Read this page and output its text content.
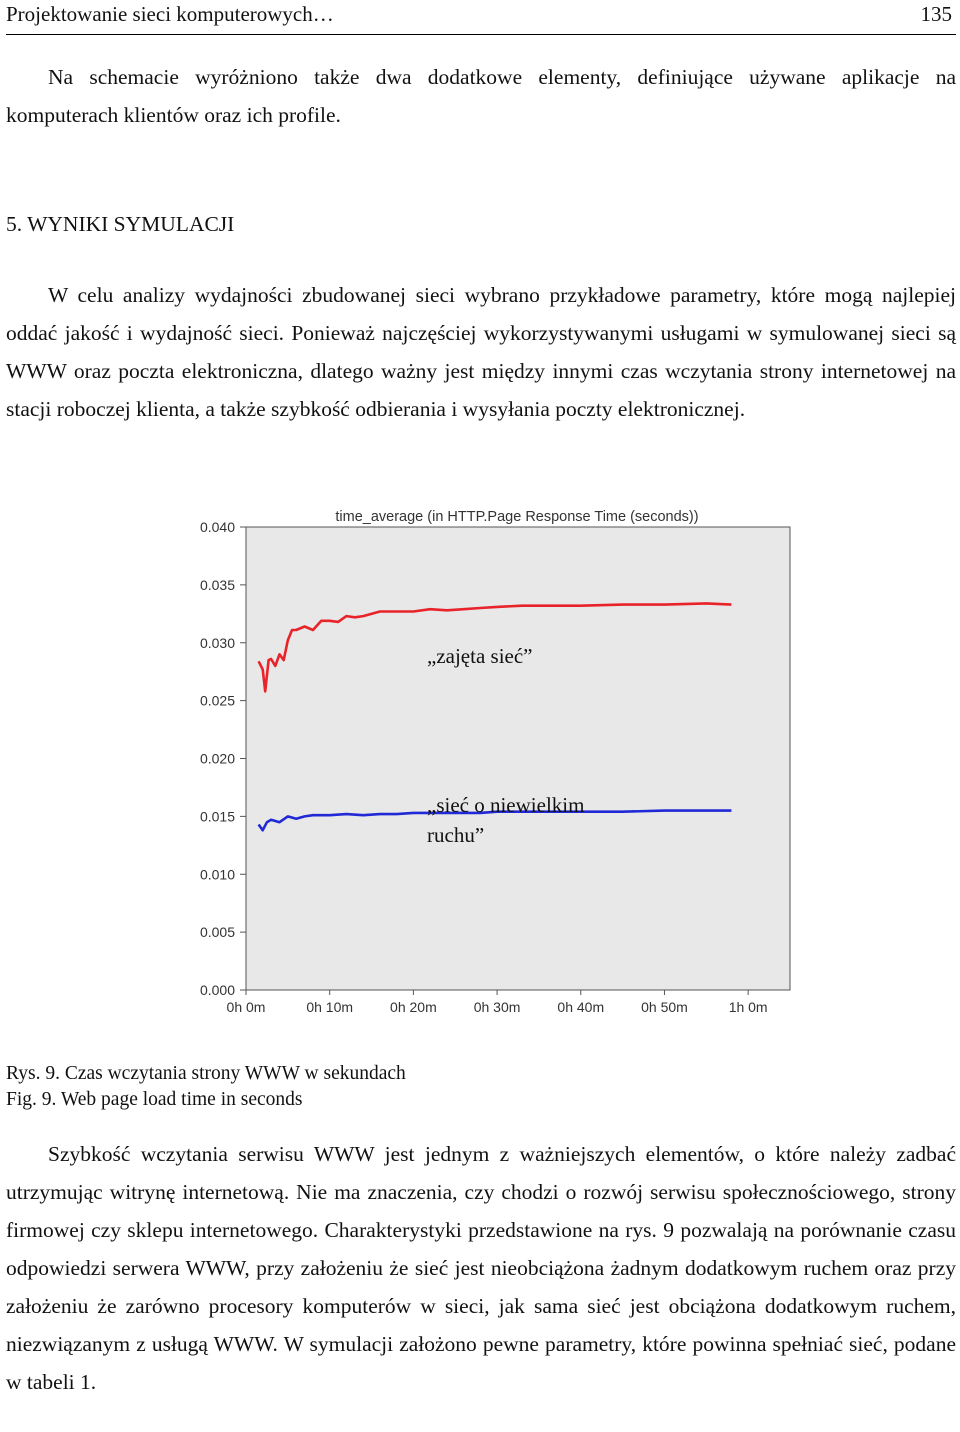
Projektowanie sieci komputerowych…	135

Na schemacie wyróżniono także dwa dodatkowe elementy, definiujące używane aplikacje na komputerach klientów oraz ich profile.

5. WYNIKI SYMULACJI

W celu analizy wydajności zbudowanej sieci wybrano przykładowe parametry, które mogą najlepiej oddać jakość i wydajność sieci. Ponieważ najczęściej wykorzystywanymi usługami w symulowanej sieci są WWW oraz poczta elektroniczna, dlatego ważny jest między innymi czas wczytania strony internetowej na stacji roboczej klienta, a także szybkość odbierania i wysyłania poczty elektronicznej.

time_average (in HTTP.Page Response Time (seconds))
0.040
0.035
0.030
0.025
0.020
0.015
0.010
0.005
0.000
0h 0m	0h 10m	0h 20m	0h 30m	0h 40m	0h 50m	1h 0m
„zajęta sieć”
„sieć o niewielkim ruchu”
Rys. 9. Czas wczytania strony WWW w sekundach
Fig. 9. Web page load time in seconds

Szybkość wczytania serwisu WWW jest jednym z ważniejszych elementów, o które należy zadbać utrzymując witrynę internetową. Nie ma znaczenia, czy chodzi o rozwój serwisu społecznościowego, strony firmowej czy sklepu internetowego. Charakterystyki przedstawione na rys. 9 pozwalają na porównanie czasu odpowiedzi serwera WWW, przy założeniu że sieć jest nieobciążona żadnym dodatkowym ruchem oraz przy założeniu że zarówno procesory komputerów w sieci, jak sama sieć jest obciążona dodatkowym ruchem, niezwiązanym z usługą WWW. W symulacji założono pewne parametry, które powinna spełniać sieć, podane w tabeli 1.
